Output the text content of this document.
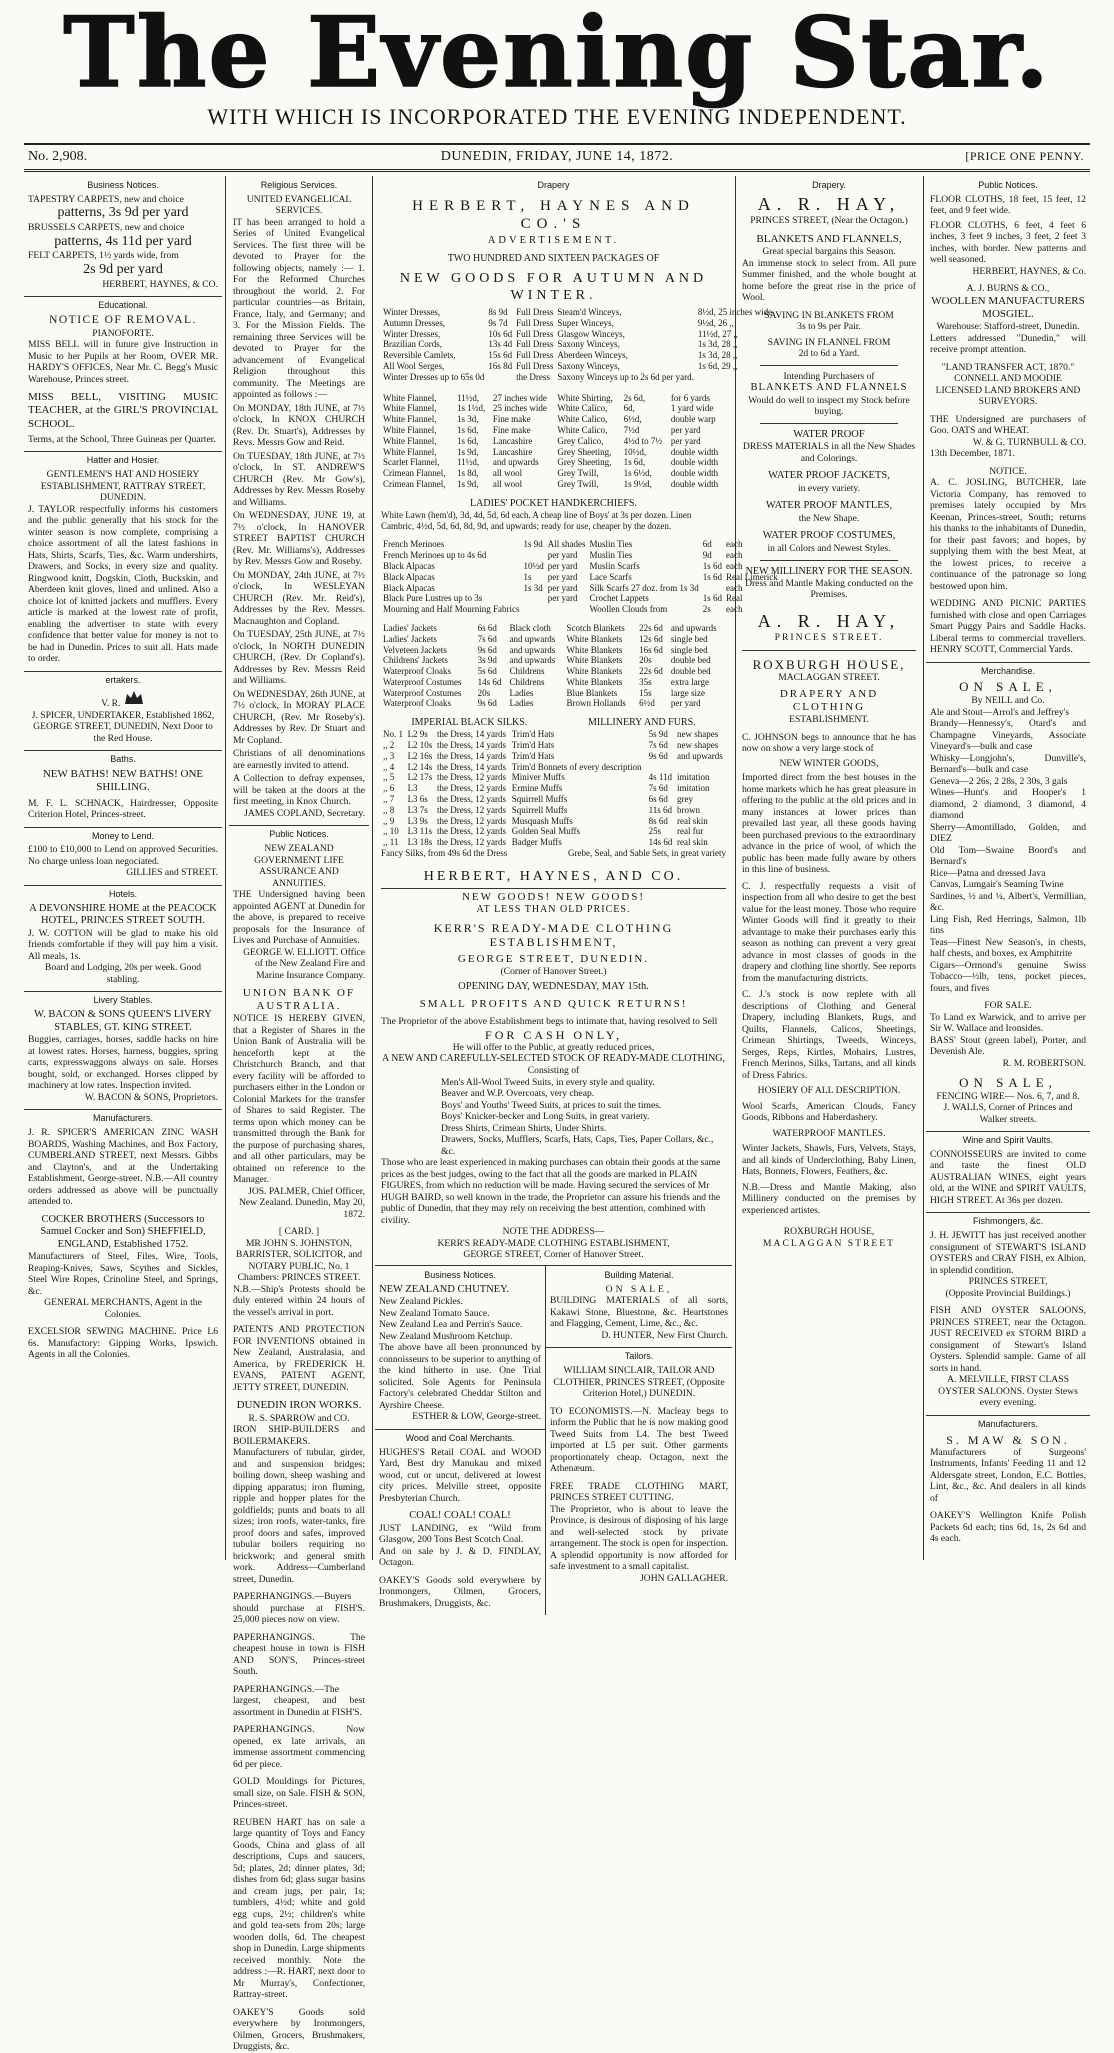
The Evening Star.
WITH WHICH IS INCORPORATED THE EVENING INDEPENDENT.
No. 2,908.	DUNEDIN, FRIDAY, JUNE 14, 1872.	[PRICE ONE PENNY.
Business Notices.
TAPESTRY CARPETS, new and choice
patterns, 3s 9d per yard
BRUSSELS CARPETS, new and choice
patterns, 4s 11d per yard
FELT CARPETS, 1½ yards wide, from
2s 9d per yard
HERBERT, HAYNES, & CO.
Educational.
NOTICE OF REMOVAL.
PIANOFORTE.
MISS BELL will in future give Instruction in Music to her Pupils at her Room, OVER MR. HARDY'S OFFICES, Near Mr. C. Begg's Music Warehouse, Princes street.
MISS BELL, VISITING MUSIC TEACHER, at the GIRL'S PROVINCIAL SCHOOL.
Terms, at the School, Three Guineas per Quarter.
Hatter and Hosier.
GENTLEMEN'S HAT AND HOSIERY ESTABLISHMENT, RATTRAY STREET, DUNEDIN.
J. TAYLOR respectfully informs his customers and the public generally that his stock for the winter season is now complete, comprising a choice assortment of all the latest fashions in Hats, Shirts, Scarfs, Ties, &c. Warm undershirts, Drawers, and Socks, in every size and quality. Ringwood knitt, Dogskin, Cloth, Buckskin, and Aberdeen knit gloves, lined and unlined. Also a choice lot of knitted jackets and mufflers. Every article is marked at the lowest rate of profit, enabling the advertiser to state with every confidence that better value for money is not to be had in Dunedin. Prices to suit all. Hats made to order.
ertakers.
V. R.
J. SPICER, UNDERTAKER, Established 1862, GEORGE STREET, DUNEDIN, Next Door to the Red House.
Baths.
NEW BATHS! NEW BATHS! ONE SHILLING.
M. F. L. SCHNACK, Hairdresser, Opposite Criterion Hotel, Princes-street.
Money to Lend.
£100 to £10,000 to Lend on approved Securities. No charge unless loan negociated.
GILLIES and STREET.
Hotels.
A DEVONSHIRE HOME at the PEACOCK HOTEL, PRINCES STREET SOUTH.
J. W. COTTON will be glad to make his old friends comfortable if they will pay him a visit. All meals, 1s.
Board and Lodging, 20s per week. Good stabling.
Livery Stables.
W. BACON & SONS QUEEN'S LIVERY STABLES, GT. KING STREET.
Buggies, carriages, horses, saddle hacks on hire at lowest rates. Horses, harness, buggies, spring carts, expresswaggons always on sale. Horses bought, sold, or exchanged. Horses clipped by machinery at low rates. Inspection invited.
W. BACON & SONS, Proprietors.
Manufacturers.
J. R. SPICER'S AMERICAN ZINC WASH BOARDS, Washing Machines, and Box Factory, CUMBERLAND STREET, next Messrs. Gibbs and Clayton's, and at the Undertaking Establishment, George-street. N.B.—All country orders addressed as above will be punctually attended to.
COCKER BROTHERS (Successors to Samuel Cocker and Son) SHEFFIELD, ENGLAND, Established 1752.
Manufacturers of Steel, Files, Wire, Tools, Reaping-Knives, Saws, Scythes and Sickles, Steel Wire Ropes, Crinoline Steel, and Springs, &c.
GENERAL MERCHANTS, Agent in the Colonies.
EXCELSIOR SEWING MACHINE. Price L6 6s. Manufactory: Gipping Works, Ipswich. Agents in all the Colonies.
Religious Services.
UNITED EVANGELICAL SERVICES.
IT has been arranged to hold a Series of United Evangelical Services. The first three will be devoted to Prayer for the following objects, namely :— 1. For the Reformed Churches throughout the world. 2. For particular countries—as Britain, France, Italy, and Germany; and 3. For the Mission Fields. The remaining three Services will be devoted to Prayer for the advancement of Evangelical Religion throughout this community. The Meetings are appointed as follows :—
On MONDAY, 18th JUNE, at 7½ o'clock, In KNOX CHURCH (Rev. Dr. Stuart's), Addresses by Revs. Messrs Gow and Reid.
On TUESDAY, 18th JUNE, at 7½ o'clock, In ST. ANDREW'S CHURCH (Rev. Mr Gow's), Addresses by Rev. Messrs Roseby and Williams.
On WEDNESDAY, JUNE 19, at 7½ o'clock, In HANOVER STREET BAPTIST CHURCH (Rev. Mr. Williams's), Addresses by Rev. Messrs Gow and Roseby.
On MONDAY, 24th JUNE, at 7½ o'clock, In WESLEYAN CHURCH (Rev. Mr. Reid's), Addresses by the Rev. Messrs. Macnaughton and Copland.
On TUESDAY, 25th JUNE, at 7½ o'clock, In NORTH DUNEDIN CHURCH, (Rev. Dr Copland's). Addresses by Rev. Messrs Reid and Williams.
On WEDNESDAY, 26th JUNE, at 7½ o'clock, In MORAY PLACE CHURCH, (Rev. Mr Roseby's). Addresses by Rev. Dr Stuart and Mr Copland.
Christians of all denominations are earnestly invited to attend.
A Collection to defray expenses, will be taken at the doors at the first meeting, in Knox Church.
JAMES COPLAND, Secretary.
Public Notices.
NEW ZEALAND GOVERNMENT LIFE ASSURANCE AND ANNUITIES.
THE Undersigned having been appointed AGENT at Dunedin for the above, is prepared to receive proposals for the Insurance of Lives and Purchase of Annuities.
GEORGE W. ELLIOTT. Office of the New Zealand Fire and Marine Insurance Company.
UNION BANK OF AUSTRALIA.
NOTICE IS HEREBY GIVEN, that a Register of Shares in the Union Bank of Australia will be henceforth kept at the Christchurch Branch, and that every facility will be afforded to purchasers either in the London or Colonial Markets for the transfer of Shares to said Register. The terms upon which money can be transmitted through the Bank for the purpose of purchasing shares, and all other particulars, may be obtained on reference to the Manager.
JOS. PALMER, Chief Officer, New Zealand. Dunedin, May 20, 1872.
[ CARD. ]
MR JOHN S. JOHNSTON, BARRISTER, SOLICITOR, and NOTARY PUBLIC, No. 1 Chambers: PRINCES STREET.
N.B.—Ship's Protests should be duly entered within 24 hours of the vessel's arrival in port.
PATENTS AND PROTECTION FOR INVENTIONS obtained in New Zealand, Australasia, and America, by FREDERICK H. EVANS, PATENT AGENT, JETTY STREET, DUNEDIN.
DUNEDIN IRON WORKS.
R. S. SPARROW and CO.
IRON SHIP-BUILDERS and BOILERMAKERS. Manufacturers of tubular, girder, and and suspension bridges; boiling down, sheep washing and dipping apparatus; iron fluming, ripple and hopper plates for the goldfields; punts and boats to all sizes; iron roofs, water-tanks, fire proof doors and safes, improved tubular boilers requiring no brickwork; and general smith work. Address—Cumberland street, Dunedin.
PAPERHANGINGS.—Buyers should purchase at FISH'S. 25,000 pieces now on view.
PAPERHANGINGS. The cheapest house in town is FISH AND SON'S, Princes-street South.
PAPERHANGINGS.—The largest, cheapest, and best assortment in Dunedin at FISH'S.
PAPERHANGINGS. Now opened, ex late arrivals, an immense assortment commencing 6d per piece.
GOLD Mouldings for Pictures, small size, on Sale. FISH & SON, Princes-street.
REUBEN HART has on sale a large quantity of Toys and Fancy Goods, China and glass of all descriptions, Cups and saucers, 5d; plates, 2d; dinner plates, 3d; dishes from 6d; glass sugar basins and cream jugs, per pair, 1s; tumblers, 4½d; white and gold egg cups, 2½; children's white and gold tea-sets from 20s; large wooden dolls, 6d. The cheapest shop in Dunedin. Large shipments received monthly. Note the address :—R. HART, next door to Mr Murray's, Confectioner, Rattray-street.
OAKEY'S Goods sold everywhere by Ironmongers, Oilmen, Grocers, Brushmakers, Druggists, &c.
Drapery
HERBERT, HAYNES AND CO.'S
ADVERTISEMENT.
TWO HUNDRED AND SIXTEEN PACKAGES OF
NEW GOODS FOR AUTUMN AND WINTER.
Winter Dresses,	8s 9d	Full Dress	Steam'd Winceys,	8½d, 25 inches wide
Autumn Dresses,	9s 7d	Full Dress	Super Winceys,	9½d, 26 ,,
Winter Dresses,	10s 6d	Full Dress	Glasgow Winceys,	11½d, 27 ,,
Brazilian Cords,	13s 4d	Full Dress	Saxony Winceys,	1s 3d, 28 ,,
Reversible Camlets,	15s 6d	Full Dress	Aberdeen Winceys,	1s 3d, 28 ,,
All Wool Serges,	16s 8d	Full Dress	Saxony Winceys,	1s 6d, 29 ,,
Winter Dresses up to 65s 0d		the Dress	Saxony Winceys up to 2s 6d per yard.	
White Flannel,	11½d,	27 inches wide	White Shirting,	2s 6d,	for 6 yards
White Flannel,	1s 1½d,	25 inches wide	White Calico,	6d,	1 yard wide
White Flannel,	1s 3d,	Fine make	White Calico,	6½d,	double warp
White Flannel,	1s 6d,	Fine make	White Calico,	7½d	per yard
White Flannel,	1s 6d,	Lancashire	Grey Calico,	4½d to 7½	per yard
White Flannel,	1s 9d,	Lancashire	Grey Sheeting,	10½d,	double width
Scarlet Flannel,	11½d,	and upwards	Grey Sheeting,	1s 6d,	double width
Crimean Flannel,	1s 8d,	all wool	Grey Twill,	1s 6½d,	double width
Crimean Flannel,	1s 9d,	all wool	Grey Twill,	1s 9½d,	double width
LADIES' POCKET HANDKERCHIEFS.
White Lawn (hem'd), 3d, 4d, 5d, 6d each. A cheap line of Boys' at 3s per dozen. Linen Cambric, 4½d, 5d, 6d, 8d, 9d, and upwards; ready for use, cheaper by the dozen.
French Merinoes	1s 9d	All shades	Muslin Ties	6d	each
French Merinoes up to 4s 6d		per yard	Muslin Ties	9d	each
Black Alpacas	10½d	per yard	Muslin Scarfs	1s 6d	each
Black Alpacas	1s	per yard	Lace Scarfs	1s 6d	Real Limerick
Black Alpacas	1s 3d	per yard	Silk Scarfs 27 doz. from 1s 3d		each
Black Pure Lustres up to 3s		per yard	Crochet Lappets	1s 6d	Real
Mourning and Half Mourning Fabrics			Woollen Clouds from	2s	each
Ladies' Jackets	6s 6d	Black cloth	Scotch Blankets	22s 6d	and upwards
Ladies' Jackets	7s 6d	and upwards	White Blankets	12s 6d	single bed
Velveteen Jackets	9s 6d	and upwards	White Blankets	16s 6d	single bed
Childrens' Jackets	3s 9d	and upwards	White Blankets	20s	double bed
Waterproof Cloaks	5s 6d	Childrens	White Blankets	22s 6d	double bed
Waterproof Costumes	14s 6d	Childrens	White Blankets	35s	extra large
Waterproof Costumes	20s	Ladies	Blue Blankets	15s	large size
Waterproof Cloaks	9s 6d	Ladies	Brown Hollands	6½d	per yard
IMPERIAL BLACK SILKS.	MILLINERY AND FURS.
No. 1	L2 9s	the Dress, 14 yards	Trim'd Hats	5s 9d	new shapes
,, 2	L2 10s	the Dress, 14 yards	Trim'd Hats	7s 6d	new shapes
,, 3	L2 16s	the Dress, 14 yards	Trim'd Hats	9s 6d	and upwards
,, 4	L2 14s	the Dress, 14 yards	Trim'd Bonnets of every description		
,, 5	L2 17s	the Dress, 12 yards	Miniver Muffs	4s 11d	imitation
,, 6	L3	the Dress, 12 yards	Ermine Muffs	7s 6d	imitation
,, 7	L3 6s	the Dress, 12 yards	Squirrell Muffs	6s 6d	grey
,, 8	L3 7s	the Dress, 12 yards	Squirrell Muffs	11s 6d	brown
,, 9	L3 9s	the Dress, 12 yards	Musquash Muffs	8s 6d	real skin
,, 10	L3 11s	the Dress, 12 yards	Golden Seal Muffs	25s	real fur
,, 11	L3 18s	the Dress, 12 yards	Badger Muffs	14s 6d	real skin
Fancy Silks, from 49s 6d the Dress	Grebe, Seal, and Sable Sets, in great variety
HERBERT, HAYNES, AND CO.
NEW GOODS! NEW GOODS!
AT LESS THAN OLD PRICES.
KERR'S READY-MADE CLOTHING ESTABLISHMENT,
GEORGE STREET, DUNEDIN.
(Corner of Hanover Street.)
OPENING DAY, WEDNESDAY, MAY 15th.
SMALL PROFITS AND QUICK RETURNS!
The Proprietor of the above Establishment begs to intimate that, having resolved to Sell
FOR CASH ONLY,
He will offer to the Public, at greatly reduced prices,
A NEW AND CAREFULLY-SELECTED STOCK OF READY-MADE CLOTHING,
Consisting of
Men's All-Wool Tweed Suits, in every style and quality.
Beaver and W.P. Overcoats, very cheap.
Boys' and Youths' Tweed Suits, at prices to suit the times.
Boys' Knicker-becker and Long Suits, in great variety.
Dress Shirts, Crimean Shirts, Under Shirts.
Drawers, Socks, Mufflers, Scarfs, Hats, Caps, Ties, Paper Collars, &c., &c.
Those who are least experienced in making purchases can obtain their goods at the same prices as the best judges, owing to the fact that all the goods are marked in PLAIN FIGURES, from which no reduction will be made. Having secured the services of Mr HUGH BAIRD, so well known in the trade, the Proprietor can assure his friends and the public of Dunedin, that they may rely on receiving the best attention, combined with civility.
NOTE THE ADDRESS—
KERR'S READY-MADE CLOTHING ESTABLISHMENT,
GEORGE STREET, Corner of Hanover Street.
Business Notices.
NEW ZEALAND CHUTNEY.
New Zealand Pickles.
New Zealand Tomato Sauce.
New Zealand Lea and Perrin's Sauce.
New Zealand Mushroom Ketchup.
The above have all been pronounced by connoisseurs to be superior to anything of the kind hitherto in use. One Trial solicited. Sole Agents for Peninsula Factory's celebrated Cheddar Stilton and Ayrshire Cheese.
ESTHER & LOW, George-street.
Wood and Coal Merchants.
HUGHES'S Retail COAL and WOOD Yard, Best dry Manukau and mixed wood, cut or uncut, delivered at lowest city prices. Melville street, opposite Presbyterian Church.
COAL! COAL! COAL!
JUST LANDING, ex "Wild from Glasgow, 200 Tons Best Scotch Coal.
And on sale by J. & D. FINDLAY, Octagon.
OAKEY'S Goods sold everywhere by Ironmongers, Oilmen, Grocers, Brushmakers, Druggists, &c.
Building Material.
ON SALE,
BUILDING MATERIALS of all sorts, Kakawi Stone, Bluestone, &c. Heartstones and Flagging, Cement, Lime, &c., &c.
D. HUNTER, New First Church.
Tailors.
WILLIAM SINCLAIR, TAILOR AND CLOTHIER, PRINCES STREET, (Opposite Criterion Hotel,) DUNEDIN.
TO ECONOMISTS.—N. Macleay begs to inform the Public that he is now making good Tweed Suits from L4. The best Tweed imported at L5 per suit. Other garments proportionately cheap. Octagon, next the Athenæum.
FREE TRADE CLOTHING MART, PRINCES STREET CUTTING.
The Proprietor, who is about to leave the Province, is desirous of disposing of his large and well-selected stock by private arrangement. The stock is open for inspection. A splendid opportunity is now afforded for safe investment to a small capitalist.
JOHN GALLAGHER.
Drapery.
A. R. HAY,
PRINCES STREET, (Near the Octagon.)
BLANKETS AND FLANNELS,
Great special bargains this Season.
An immense stock to select from. All pure Summer finished, and the whole bought at home before the great rise in the price of Wool.
SAVING IN BLANKETS FROM
3s to 9s per Pair.
SAVING IN FLANNEL FROM
2d to 6d a Yard.
Intending Purchasers of
BLANKETS AND FLANNELS
Would do well to inspect my Stock before buying.
WATER PROOF
DRESS MATERIALS in all the New Shades and Colorings.
WATER PROOF JACKETS,
in every variety.
WATER PROOF MANTLES,
the New Shape.
WATER PROOF COSTUMES,
in all Colors and Newest Styles.
NEW MILLINERY FOR THE SEASON.
Dress and Mantle Making conducted on the Premises.
A. R. HAY,
PRINCES STREET.
ROXBURGH HOUSE,
MACLAGGAN STREET.
DRAPERY AND CLOTHING
ESTABLISHMENT.
C. JOHNSON begs to announce that he has now on show a very large stock of
NEW WINTER GOODS,
Imported direct from the best houses in the home markets which he has great pleasure in offering to the public at the old prices and in many instances at lower prices than prevailed last year, all these goods having been purchased previous to the extraordinary advance in the price of wool, of which the public has been made fully aware by others in this line of business.
C. J. respectfully requests a visit of inspection from all who desire to get the best value for the least money. Those who require Winter Goods will find it greatly to their advantage to make their purchases early this season as nothing can prevent a very great advance in most classes of goods in the drapery and clothing line shortly. See reports from the manufacturing districts.
C. J.'s stock is now replete with all descriptions of Clothing and General Drapery, including Blankets, Rugs, and Quilts, Flannels, Calicos, Sheetings, Crimean Shirtings, Tweeds, Winceys, Serges, Reps, Kirtles, Mohairs, Lustres, French Merinos, Silks, Tartans, and all kinds of Dress Fabrics.
HOSIERY OF ALL DESCRIPTION.
Wool Scarfs, American Clouds, Fancy Goods, Ribbons and Haberdashery.
WATERPROOF MANTLES.
Winter Jackets, Shawls, Furs, Velvets, Stays, and all kinds of Underclothing, Baby Linen, Hats, Bonnets, Flowers, Feathers, &c.
N.B.—Dress and Mantle Making, also Millinery conducted on the premises by experienced artistes.
ROXBURGH HOUSE,
MACLAGGAN STREET
Public Notices.
FLOOR CLOTHS, 18 feet, 15 feet, 12 feet, and 9 feet wide.
FLOOR CLOTHS, 6 feet, 4 feet 6 inches, 3 feet 9 inches, 3 feet, 2 feet 3 inches, with border. New patterns and well seasoned.
HERBERT, HAYNES, & Co.
A. J. BURNS & CO.,
WOOLLEN MANUFACTURERS MOSGIEL.
Warehouse: Stafford-street, Dunedin.
Letters addressed "Dunedin," will receive prompt attention.
"LAND TRANSFER ACT, 1870."
CONNELL AND MOODIE LICENSED LAND BROKERS AND SURVEYORS.
THE Undersigned are purchasers of Goo. OATS and WHEAT.
W. & G. TURNBULL & CO.
13th December, 1871.
NOTICE.
A. C. JOSLING, BUTCHER, late Victoria Company, has removed to premises lately occupied by Mrs Keenan, Princes-street, South; returns his thanks to the inhabitants of Dunedin, for their past favors; and hopes, by supplying them with the best Meat, at the lowest prices, to receive a continuance of the patronage so long bestowed upon him.
WEDDING AND PICNIC PARTIES furnished with close and open Carriages Smart Puggy Pairs and Saddle Hacks. Liberal terms to commercial travellers. HENRY SCOTT, Commercial Yards.
Merchandise.
ON SALE,
By NEILL and Co.
Ale and Stout—Arrol's and Jeffrey's
Brandy—Hennessy's, Otard's and Champagne Vineyards, Associate Vineyard's—bulk and case
Whisky—Longjohn's, Dunville's, Bernard's—bulk and case
Geneva—2 26s, 2 28s, 2 30s, 3 gals
Wines—Hunt's and Hooper's 1 diamond, 2 diamond, 3 diamond, 4 diamond
Sherry—Amontillado, Golden, and DIEZ
Old Tom—Swaine Boord's and Bernard's
Rice—Patna and dressed Java
Canvas, Lumgair's Seaming Twine
Sardines, ½ and ¼, Albert's, Vermillian, &c.
Ling Fish, Red Herrings, Salmon, 1lb tins
Teas—Finest New Season's, in chests, half chests, and boxes, ex Amphitrite
Cigars—Ormond's genuine Swiss Tobacco—½lb, tens, pocket pieces, fours, and fives
FOR SALE.
To Land ex Warwick, and to arrive per Sir W. Wallace and Ironsides.
BASS' Stout (green label), Porter, and Devenish Ale.
R. M. ROBERTSON.
ON SALE,
FENCING WIRE— Nos. 6, 7, and 8.
J. WALLS, Corner of Princes and Walker streets.
Wine and Spirit Vaults.
CONNOISSEURS are invited to come and taste the finest OLD AUSTRALIAN WINES, eight years old, at the WINE and SPIRIT VAULTS, HIGH STREET. At 36s per dozen.
Fishmongers, &c.
J. H. JEWITT has just received another consignment of STEWART'S ISLAND OYSTERS and CRAY FISH, ex Albion, in splendid condition.
PRINCES STREET,
(Opposite Provincial Buildings.)
FISH AND OYSTER SALOONS, PRINCES STREET, near the Octagon. JUST RECEIVED ex STORM BIRD a consignment of Stewart's Island Oysters. Splendid sample. Game of all sorts in hand.
A. MELVILLE, FIRST CLASS OYSTER SALOONS. Oyster Stews every evening.
Manufacturers.
S. MAW & SON.
Manufacturers of Surgeons' Instruments, Infants' Feeding 11 and 12 Aldersgate street, London, E.C. Bottles, Lint, &c., &c. And dealers in all kinds of
OAKEY'S Wellington Knife Polish Packets 6d each; tins 6d, 1s, 2s 6d and 4s each.
